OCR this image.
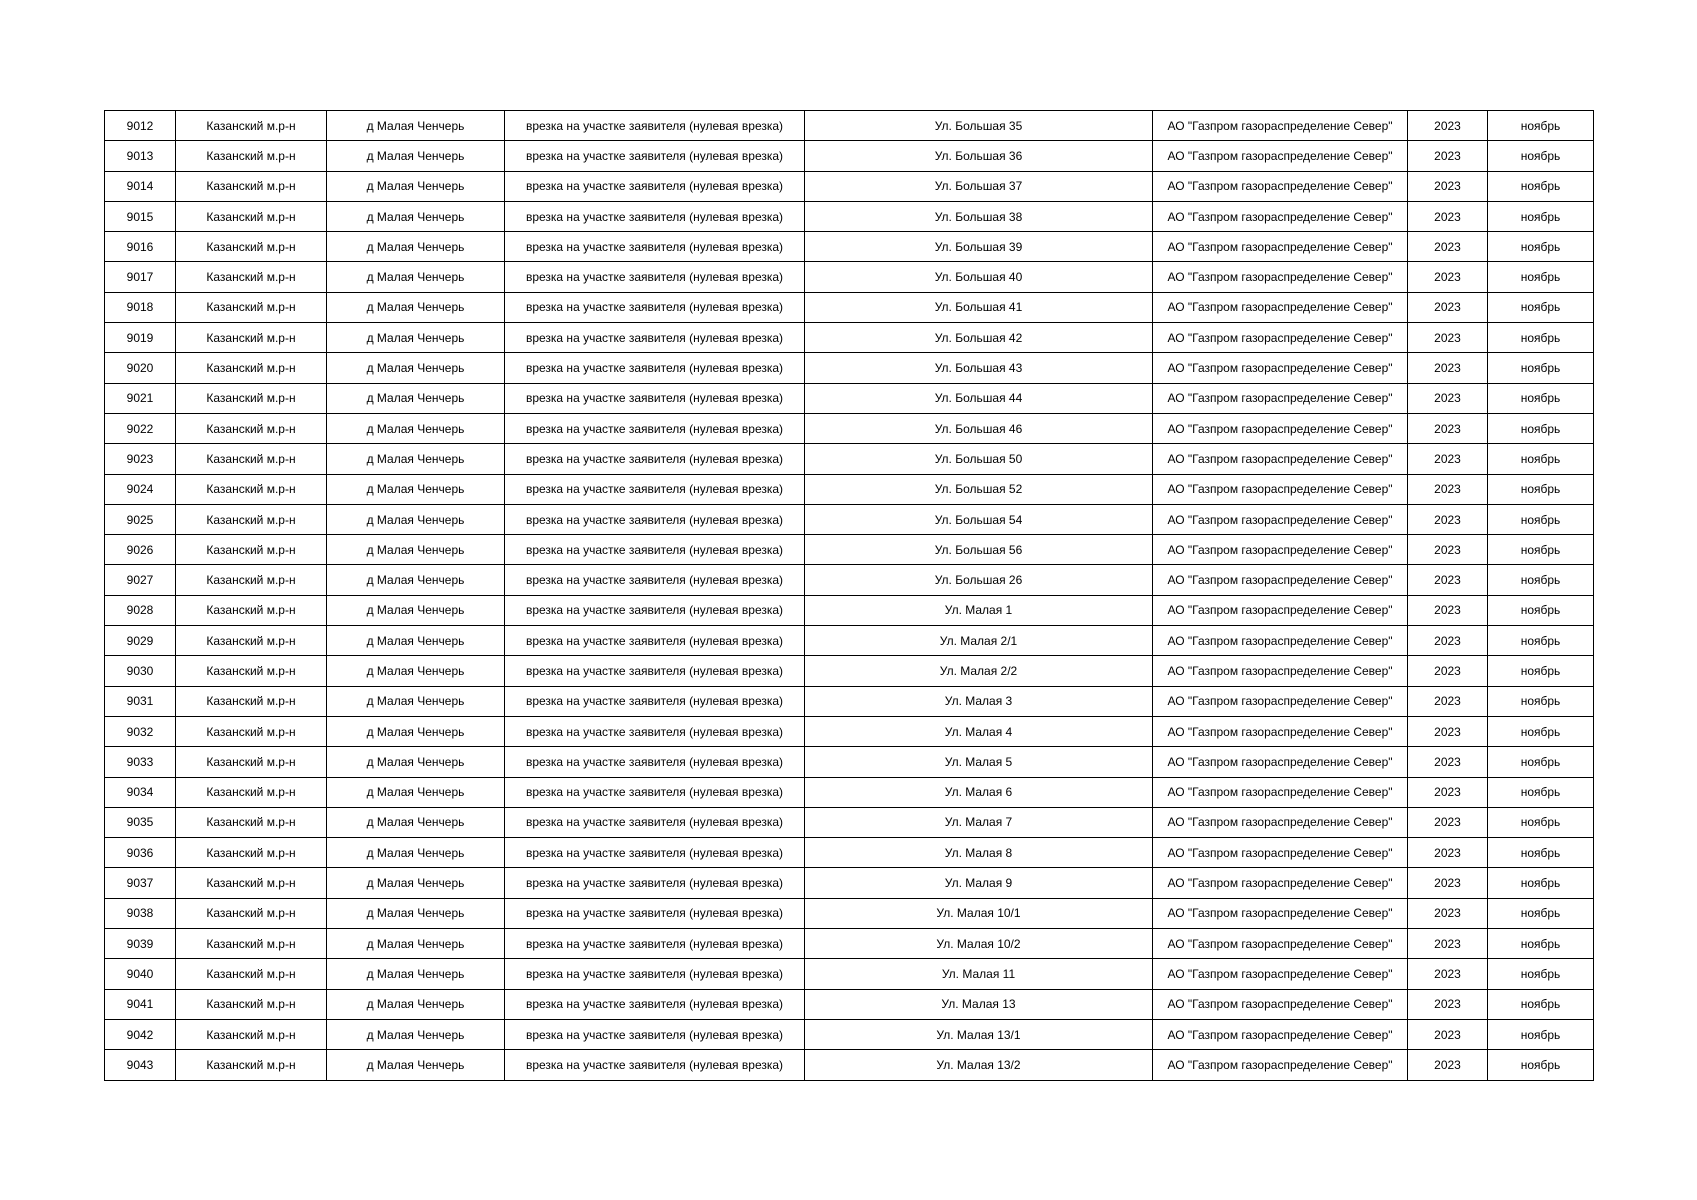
9012	Казанский м.р-н	д Малая Ченчерь	врезка на участке заявителя (нулевая врезка)	Ул. Большая 35	АО "Газпром газораспределение Север"	2023	ноябрь
9013	Казанский м.р-н	д Малая Ченчерь	врезка на участке заявителя (нулевая врезка)	Ул. Большая 36	АО "Газпром газораспределение Север"	2023	ноябрь
9014	Казанский м.р-н	д Малая Ченчерь	врезка на участке заявителя (нулевая врезка)	Ул. Большая 37	АО "Газпром газораспределение Север"	2023	ноябрь
9015	Казанский м.р-н	д Малая Ченчерь	врезка на участке заявителя (нулевая врезка)	Ул. Большая 38	АО "Газпром газораспределение Север"	2023	ноябрь
9016	Казанский м.р-н	д Малая Ченчерь	врезка на участке заявителя (нулевая врезка)	Ул. Большая 39	АО "Газпром газораспределение Север"	2023	ноябрь
9017	Казанский м.р-н	д Малая Ченчерь	врезка на участке заявителя (нулевая врезка)	Ул. Большая 40	АО "Газпром газораспределение Север"	2023	ноябрь
9018	Казанский м.р-н	д Малая Ченчерь	врезка на участке заявителя (нулевая врезка)	Ул. Большая 41	АО "Газпром газораспределение Север"	2023	ноябрь
9019	Казанский м.р-н	д Малая Ченчерь	врезка на участке заявителя (нулевая врезка)	Ул. Большая 42	АО "Газпром газораспределение Север"	2023	ноябрь
9020	Казанский м.р-н	д Малая Ченчерь	врезка на участке заявителя (нулевая врезка)	Ул. Большая 43	АО "Газпром газораспределение Север"	2023	ноябрь
9021	Казанский м.р-н	д Малая Ченчерь	врезка на участке заявителя (нулевая врезка)	Ул. Большая 44	АО "Газпром газораспределение Север"	2023	ноябрь
9022	Казанский м.р-н	д Малая Ченчерь	врезка на участке заявителя (нулевая врезка)	Ул. Большая 46	АО "Газпром газораспределение Север"	2023	ноябрь
9023	Казанский м.р-н	д Малая Ченчерь	врезка на участке заявителя (нулевая врезка)	Ул. Большая 50	АО "Газпром газораспределение Север"	2023	ноябрь
9024	Казанский м.р-н	д Малая Ченчерь	врезка на участке заявителя (нулевая врезка)	Ул. Большая 52	АО "Газпром газораспределение Север"	2023	ноябрь
9025	Казанский м.р-н	д Малая Ченчерь	врезка на участке заявителя (нулевая врезка)	Ул. Большая 54	АО "Газпром газораспределение Север"	2023	ноябрь
9026	Казанский м.р-н	д Малая Ченчерь	врезка на участке заявителя (нулевая врезка)	Ул. Большая 56	АО "Газпром газораспределение Север"	2023	ноябрь
9027	Казанский м.р-н	д Малая Ченчерь	врезка на участке заявителя (нулевая врезка)	Ул. Большая 26	АО "Газпром газораспределение Север"	2023	ноябрь
9028	Казанский м.р-н	д Малая Ченчерь	врезка на участке заявителя (нулевая врезка)	Ул. Малая 1	АО "Газпром газораспределение Север"	2023	ноябрь
9029	Казанский м.р-н	д Малая Ченчерь	врезка на участке заявителя (нулевая врезка)	Ул. Малая 2/1	АО "Газпром газораспределение Север"	2023	ноябрь
9030	Казанский м.р-н	д Малая Ченчерь	врезка на участке заявителя (нулевая врезка)	Ул. Малая 2/2	АО "Газпром газораспределение Север"	2023	ноябрь
9031	Казанский м.р-н	д Малая Ченчерь	врезка на участке заявителя (нулевая врезка)	Ул. Малая 3	АО "Газпром газораспределение Север"	2023	ноябрь
9032	Казанский м.р-н	д Малая Ченчерь	врезка на участке заявителя (нулевая врезка)	Ул. Малая 4	АО "Газпром газораспределение Север"	2023	ноябрь
9033	Казанский м.р-н	д Малая Ченчерь	врезка на участке заявителя (нулевая врезка)	Ул. Малая 5	АО "Газпром газораспределение Север"	2023	ноябрь
9034	Казанский м.р-н	д Малая Ченчерь	врезка на участке заявителя (нулевая врезка)	Ул. Малая 6	АО "Газпром газораспределение Север"	2023	ноябрь
9035	Казанский м.р-н	д Малая Ченчерь	врезка на участке заявителя (нулевая врезка)	Ул. Малая 7	АО "Газпром газораспределение Север"	2023	ноябрь
9036	Казанский м.р-н	д Малая Ченчерь	врезка на участке заявителя (нулевая врезка)	Ул. Малая 8	АО "Газпром газораспределение Север"	2023	ноябрь
9037	Казанский м.р-н	д Малая Ченчерь	врезка на участке заявителя (нулевая врезка)	Ул. Малая 9	АО "Газпром газораспределение Север"	2023	ноябрь
9038	Казанский м.р-н	д Малая Ченчерь	врезка на участке заявителя (нулевая врезка)	Ул. Малая 10/1	АО "Газпром газораспределение Север"	2023	ноябрь
9039	Казанский м.р-н	д Малая Ченчерь	врезка на участке заявителя (нулевая врезка)	Ул. Малая 10/2	АО "Газпром газораспределение Север"	2023	ноябрь
9040	Казанский м.р-н	д Малая Ченчерь	врезка на участке заявителя (нулевая врезка)	Ул. Малая 11	АО "Газпром газораспределение Север"	2023	ноябрь
9041	Казанский м.р-н	д Малая Ченчерь	врезка на участке заявителя (нулевая врезка)	Ул. Малая 13	АО "Газпром газораспределение Север"	2023	ноябрь
9042	Казанский м.р-н	д Малая Ченчерь	врезка на участке заявителя (нулевая врезка)	Ул. Малая 13/1	АО "Газпром газораспределение Север"	2023	ноябрь
9043	Казанский м.р-н	д Малая Ченчерь	врезка на участке заявителя (нулевая врезка)	Ул. Малая 13/2	АО "Газпром газораспределение Север"	2023	ноябрь
